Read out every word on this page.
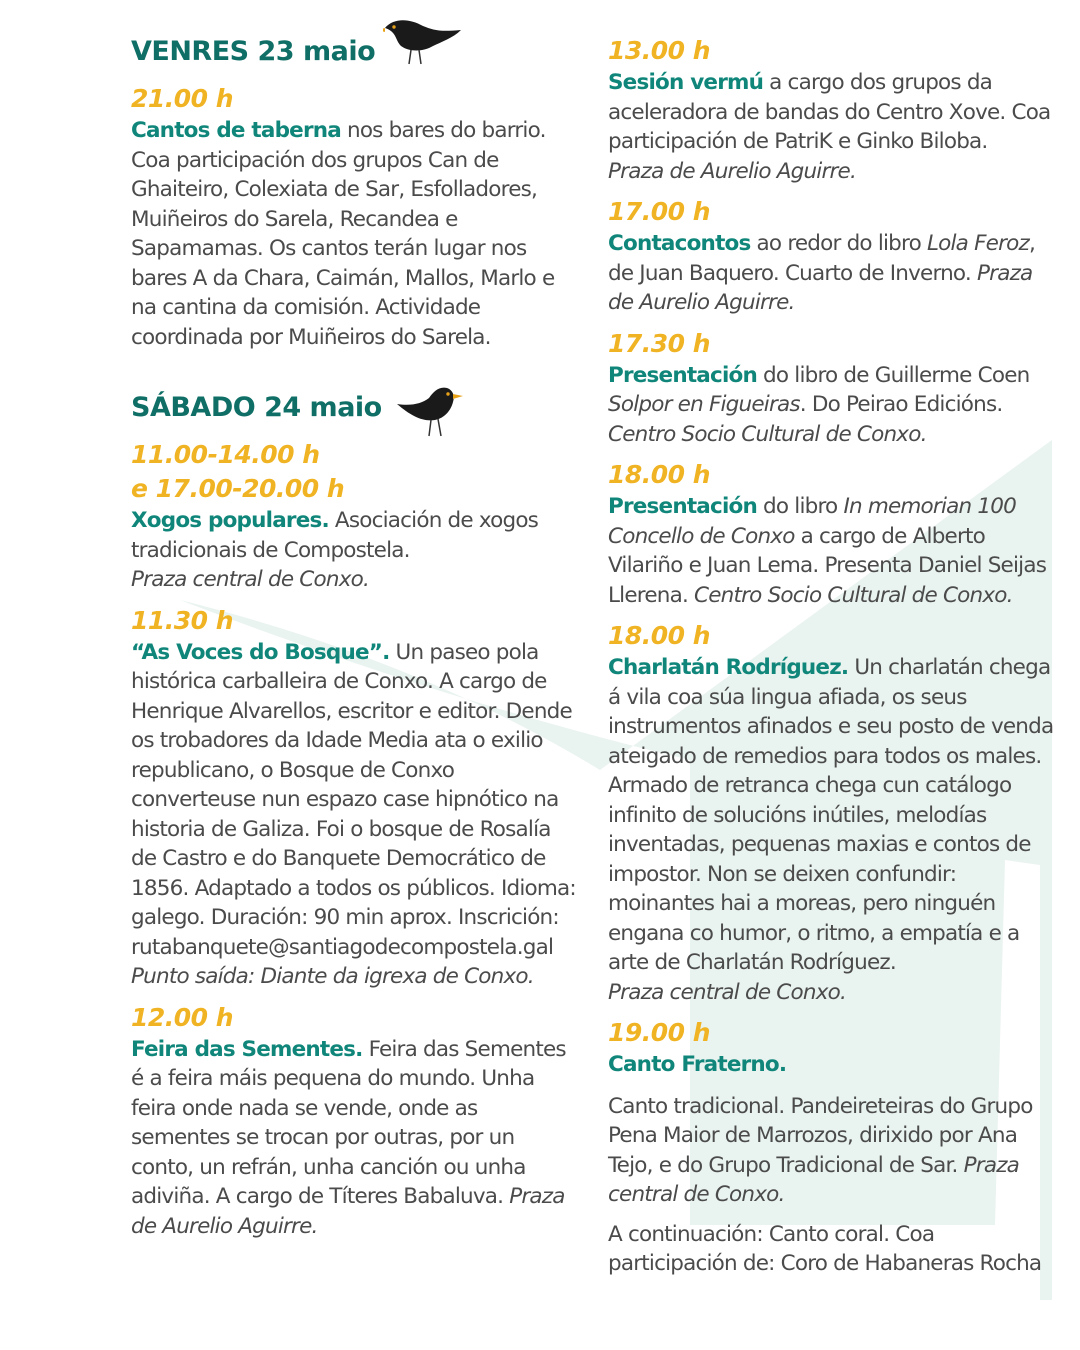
VENRES 23 maio
21.00 h
Cantos de taberna nos bares do barrio. Coa participación dos grupos Can de Ghaiteiro, Colexiata de Sar, Esfolladores, Muiñeiros do Sarela, Recandea e Sapamamas. Os cantos terán lugar nos bares A da Chara, Caimán, Mallos, Marlo e na cantina da comisión. Actividade coordinada por Muiñeiros do Sarela.
SÁBADO 24 maio
11.00-14.00 h
e 17.00-20.00 h
Xogos populares. Asociación de xogos tradicionais de Compostela.
Praza central de Conxo.
11.30 h
“As Voces do Bosque”. Un paseo pola histórica carballeira de Conxo. A cargo de Henrique Alvarellos, escritor e editor. Dende os trobadores da Idade Media ata o exilio republicano, o Bosque de Conxo converteuse nun espazo case hipnótico na historia de Galiza. Foi o bosque de Rosalía de Castro e do Banquete Democrático de 1856. Adaptado a todos os públicos. Idioma: galego. Duración: 90 min aprox. Inscrición: rutabanquete@santiagodecompostela.gal
Punto saída: Diante da igrexa de Conxo.
12.00 h
Feira das Sementes. Feira das Sementes é a feira máis pequena do mundo. Unha feira onde nada se vende, onde as sementes se trocan por outras, por un conto, un refrán, unha canción ou unha adiviña. A cargo de Títeres Babaluva. Praza de Aurelio Aguirre.
13.00 h
Sesión vermú a cargo dos grupos da aceleradora de bandas do Centro Xove. Coa participación de PatriK e Ginko Biloba.
Praza de Aurelio Aguirre.
17.00 h
Contacontos ao redor do libro Lola Feroz, de Juan Baquero. Cuarto de Inverno. Praza de Aurelio Aguirre.
17.30 h
Presentación do libro de Guillerme Coen Solpor en Figueiras. Do Peirao Edicións.
Centro Socio Cultural de Conxo.
18.00 h
Presentación do libro In memorian 100 Concello de Conxo a cargo de Alberto Vilariño e Juan Lema. Presenta Daniel Seijas Llerena. Centro Socio Cultural de Conxo.
18.00 h
Charlatán Rodríguez. Un charlatán chega á vila coa súa lingua afiada, os seus instrumentos afinados e seu posto de venda ateigado de remedios para todos os males. Armado de retranca chega cun catálogo infinito de solucións inútiles, melodías inventadas, pequenas maxias e contos de impostor. Non se deixen confundir: moinantes hai a moreas, pero ninguén engana co humor, o ritmo, a empatía e a arte de Charlatán Rodríguez.
Praza central de Conxo.
19.00 h
Canto Fraterno.
Canto tradicional. Pandeireteiras do Grupo Pena Maior de Marrozos, dirixido por Ana Tejo, e do Grupo Tradicional de Sar. Praza central de Conxo.
A continuación: Canto coral. Coa participación de: Coro de Habaneras Rocha
